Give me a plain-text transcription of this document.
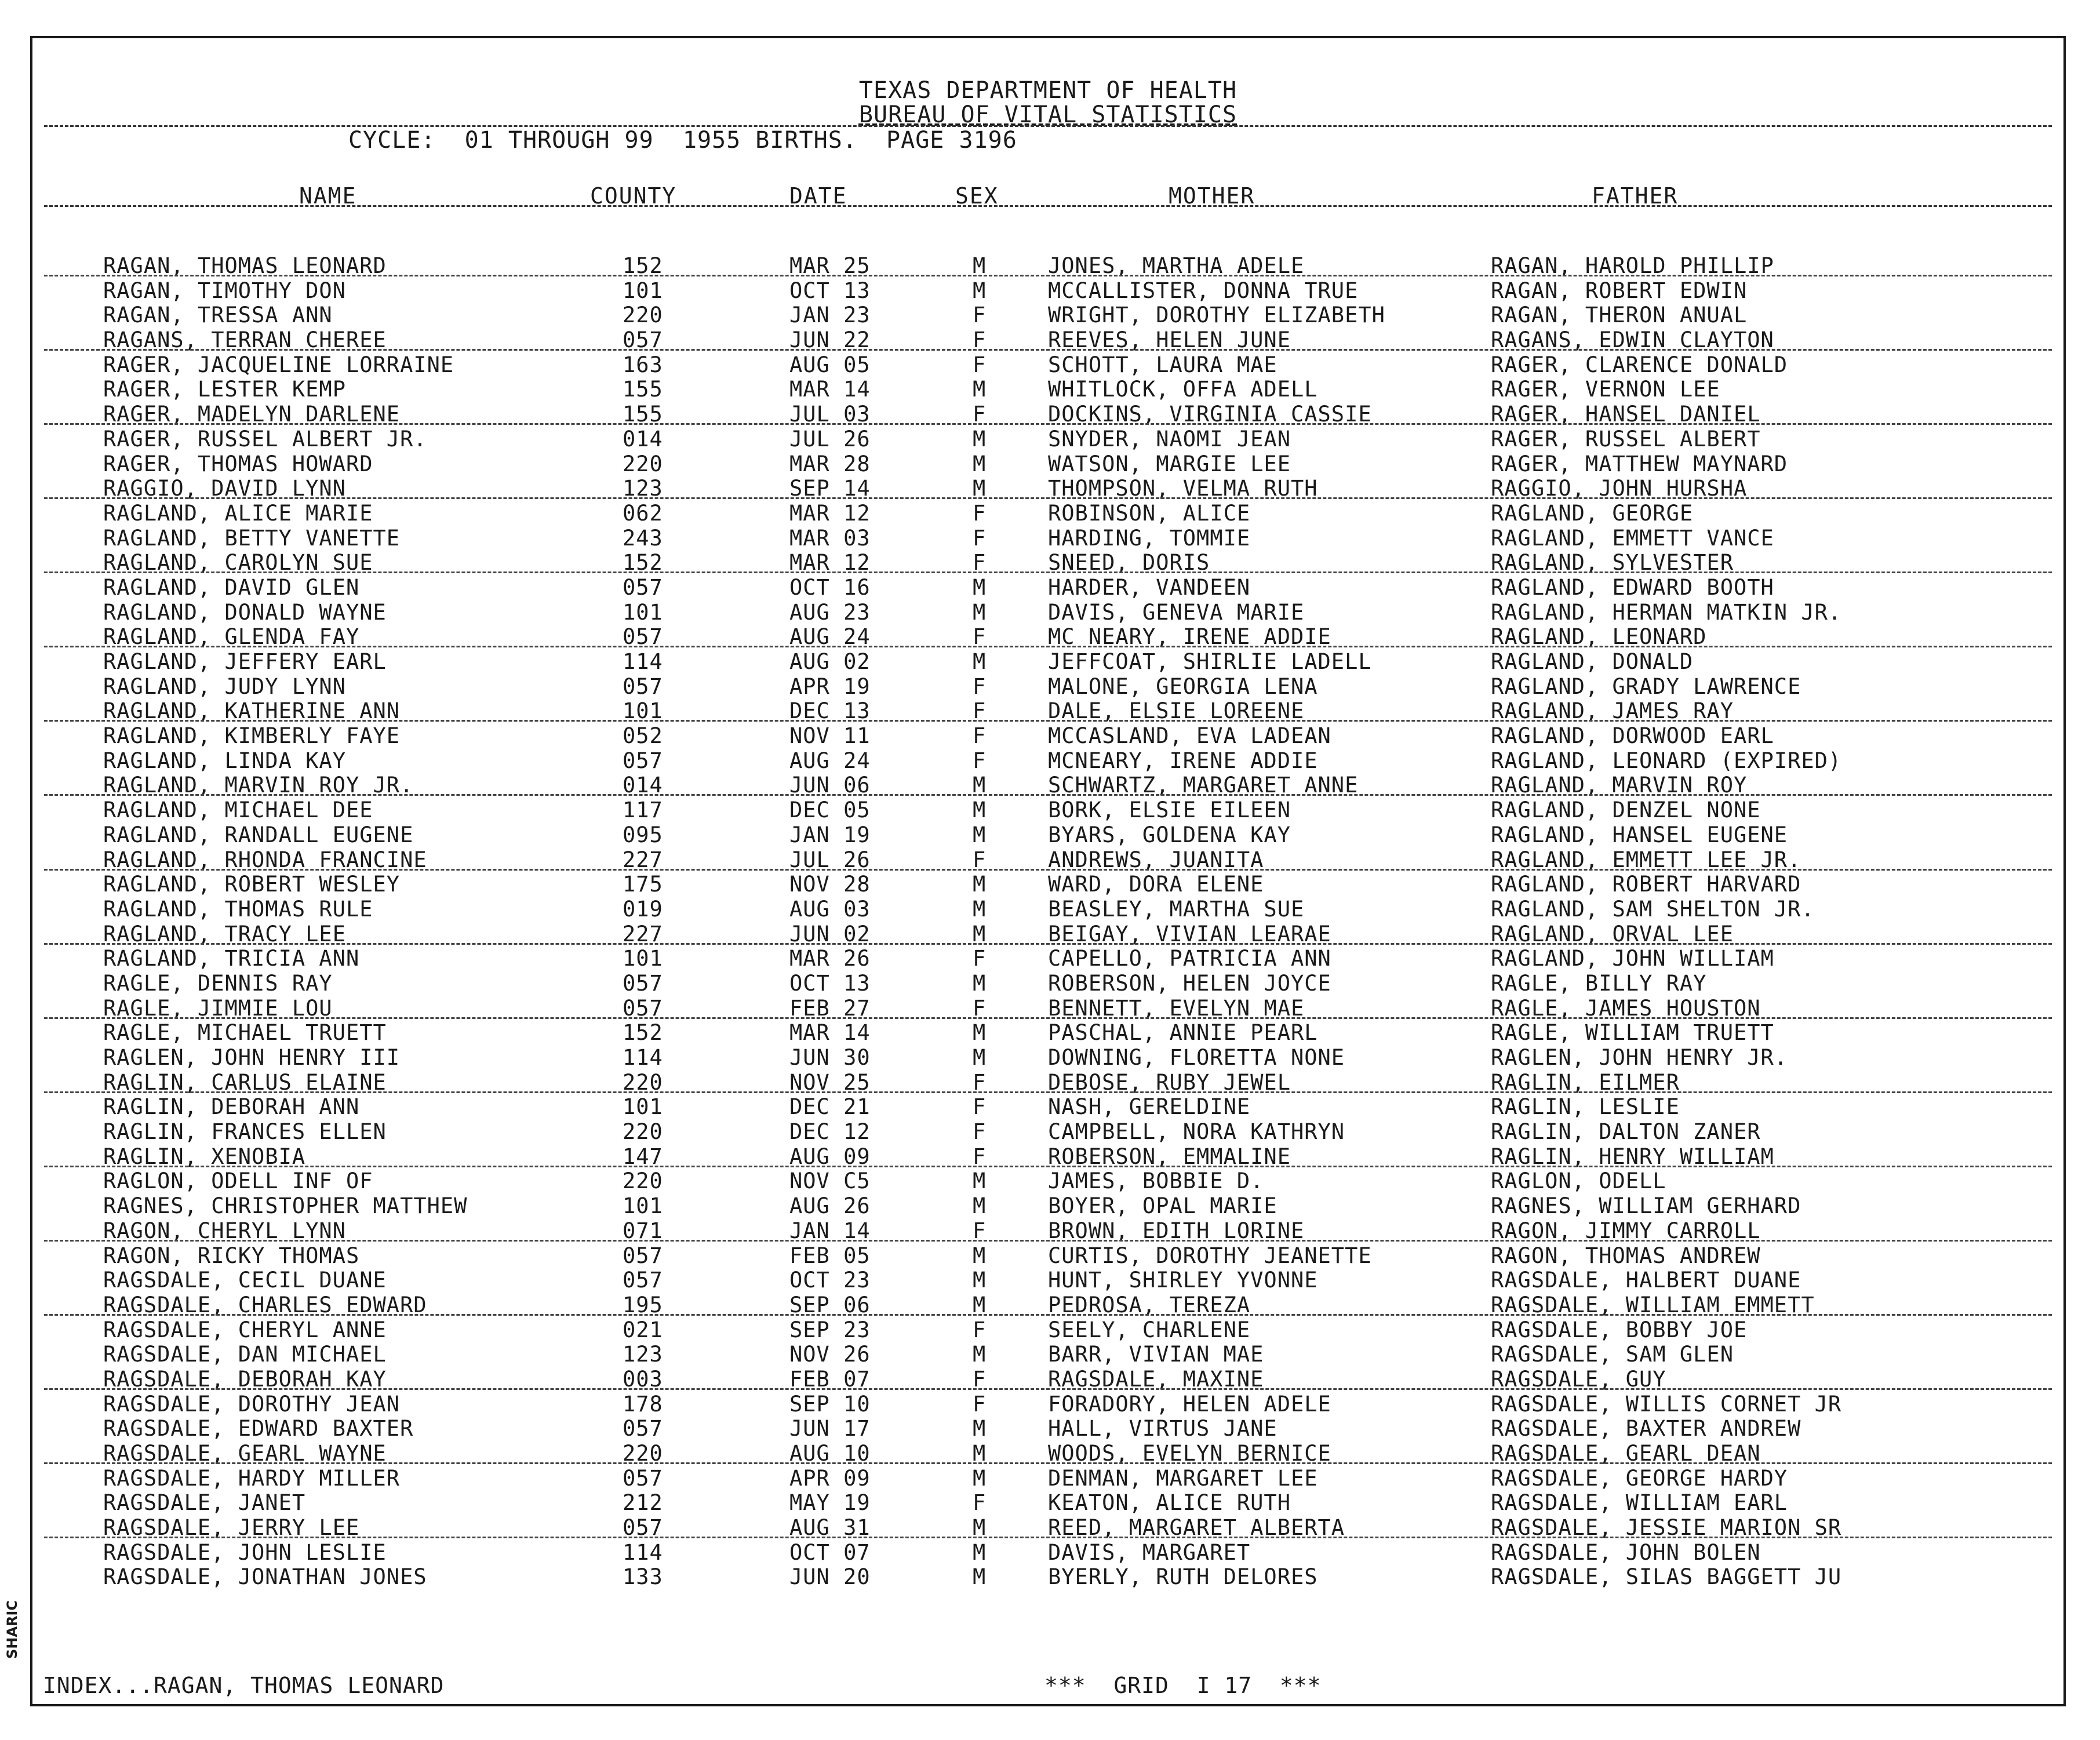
TEXAS DEPARTMENT OF HEALTH
BUREAU OF VITAL STATISTICS
CYCLE:  01 THROUGH 99  1955 BIRTHS.  PAGE 3196
NAME	COUNTY	DATE	SEX	MOTHER	FATHER
RAGAN, THOMAS LEONARD	152	MAR 25	M	JONES, MARTHA ADELE	RAGAN, HAROLD PHILLIP
RAGAN, TIMOTHY DON	101	OCT 13	M	MCCALLISTER, DONNA TRUE	RAGAN, ROBERT EDWIN
RAGAN, TRESSA ANN	220	JAN 23	F	WRIGHT, DOROTHY ELIZABETH	RAGAN, THERON ANUAL
RAGANS, TERRAN CHEREE	057	JUN 22	F	REEVES, HELEN JUNE	RAGANS, EDWIN CLAYTON
RAGER, JACQUELINE LORRAINE	163	AUG 05	F	SCHOTT, LAURA MAE	RAGER, CLARENCE DONALD
RAGER, LESTER KEMP	155	MAR 14	M	WHITLOCK, OFFA ADELL	RAGER, VERNON LEE
RAGER, MADELYN DARLENE	155	JUL 03	F	DOCKINS, VIRGINIA CASSIE	RAGER, HANSEL DANIEL
RAGER, RUSSEL ALBERT JR.	014	JUL 26	M	SNYDER, NAOMI JEAN	RAGER, RUSSEL ALBERT
RAGER, THOMAS HOWARD	220	MAR 28	M	WATSON, MARGIE LEE	RAGER, MATTHEW MAYNARD
RAGGIO, DAVID LYNN	123	SEP 14	M	THOMPSON, VELMA RUTH	RAGGIO, JOHN HURSHA
RAGLAND, ALICE MARIE	062	MAR 12	F	ROBINSON, ALICE	RAGLAND, GEORGE
RAGLAND, BETTY VANETTE	243	MAR 03	F	HARDING, TOMMIE	RAGLAND, EMMETT VANCE
RAGLAND, CAROLYN SUE	152	MAR 12	F	SNEED, DORIS	RAGLAND, SYLVESTER
RAGLAND, DAVID GLEN	057	OCT 16	M	HARDER, VANDEEN	RAGLAND, EDWARD BOOTH
RAGLAND, DONALD WAYNE	101	AUG 23	M	DAVIS, GENEVA MARIE	RAGLAND, HERMAN MATKIN JR.
RAGLAND, GLENDA FAY	057	AUG 24	F	MC NEARY, IRENE ADDIE	RAGLAND, LEONARD
RAGLAND, JEFFERY EARL	114	AUG 02	M	JEFFCOAT, SHIRLIE LADELL	RAGLAND, DONALD
RAGLAND, JUDY LYNN	057	APR 19	F	MALONE, GEORGIA LENA	RAGLAND, GRADY LAWRENCE
RAGLAND, KATHERINE ANN	101	DEC 13	F	DALE, ELSIE LOREENE	RAGLAND, JAMES RAY
RAGLAND, KIMBERLY FAYE	052	NOV 11	F	MCCASLAND, EVA LADEAN	RAGLAND, DORWOOD EARL
RAGLAND, LINDA KAY	057	AUG 24	F	MCNEARY, IRENE ADDIE	RAGLAND, LEONARD (EXPIRED)
RAGLAND, MARVIN ROY JR.	014	JUN 06	M	SCHWARTZ, MARGARET ANNE	RAGLAND, MARVIN ROY
RAGLAND, MICHAEL DEE	117	DEC 05	M	BORK, ELSIE EILEEN	RAGLAND, DENZEL NONE
RAGLAND, RANDALL EUGENE	095	JAN 19	M	BYARS, GOLDENA KAY	RAGLAND, HANSEL EUGENE
RAGLAND, RHONDA FRANCINE	227	JUL 26	F	ANDREWS, JUANITA	RAGLAND, EMMETT LEE JR.
RAGLAND, ROBERT WESLEY	175	NOV 28	M	WARD, DORA ELENE	RAGLAND, ROBERT HARVARD
RAGLAND, THOMAS RULE	019	AUG 03	M	BEASLEY, MARTHA SUE	RAGLAND, SAM SHELTON JR.
RAGLAND, TRACY LEE	227	JUN 02	M	BEIGAY, VIVIAN LEARAE	RAGLAND, ORVAL LEE
RAGLAND, TRICIA ANN	101	MAR 26	F	CAPELLO, PATRICIA ANN	RAGLAND, JOHN WILLIAM
RAGLE, DENNIS RAY	057	OCT 13	M	ROBERSON, HELEN JOYCE	RAGLE, BILLY RAY
RAGLE, JIMMIE LOU	057	FEB 27	F	BENNETT, EVELYN MAE	RAGLE, JAMES HOUSTON
RAGLE, MICHAEL TRUETT	152	MAR 14	M	PASCHAL, ANNIE PEARL	RAGLE, WILLIAM TRUETT
RAGLEN, JOHN HENRY III	114	JUN 30	M	DOWNING, FLORETTA NONE	RAGLEN, JOHN HENRY JR.
RAGLIN, CARLUS ELAINE	220	NOV 25	F	DEBOSE, RUBY JEWEL	RAGLIN, EILMER
RAGLIN, DEBORAH ANN	101	DEC 21	F	NASH, GERELDINE	RAGLIN, LESLIE
RAGLIN, FRANCES ELLEN	220	DEC 12	F	CAMPBELL, NORA KATHRYN	RAGLIN, DALTON ZANER
RAGLIN, XENOBIA	147	AUG 09	F	ROBERSON, EMMALINE	RAGLIN, HENRY WILLIAM
RAGLON, ODELL INF OF	220	NOV C5	M	JAMES, BOBBIE D.	RAGLON, ODELL
RAGNES, CHRISTOPHER MATTHEW	101	AUG 26	M	BOYER, OPAL MARIE	RAGNES, WILLIAM GERHARD
RAGON, CHERYL LYNN	071	JAN 14	F	BROWN, EDITH LORINE	RAGON, JIMMY CARROLL
RAGON, RICKY THOMAS	057	FEB 05	M	CURTIS, DOROTHY JEANETTE	RAGON, THOMAS ANDREW
RAGSDALE, CECIL DUANE	057	OCT 23	M	HUNT, SHIRLEY YVONNE	RAGSDALE, HALBERT DUANE
RAGSDALE, CHARLES EDWARD	195	SEP 06	M	PEDROSA, TEREZA	RAGSDALE, WILLIAM EMMETT
RAGSDALE, CHERYL ANNE	021	SEP 23	F	SEELY, CHARLENE	RAGSDALE, BOBBY JOE
RAGSDALE, DAN MICHAEL	123	NOV 26	M	BARR, VIVIAN MAE	RAGSDALE, SAM GLEN
RAGSDALE, DEBORAH KAY	003	FEB 07	F	RAGSDALE, MAXINE	RAGSDALE, GUY
RAGSDALE, DOROTHY JEAN	178	SEP 10	F	FORADORY, HELEN ADELE	RAGSDALE, WILLIS CORNET JR
RAGSDALE, EDWARD BAXTER	057	JUN 17	M	HALL, VIRTUS JANE	RAGSDALE, BAXTER ANDREW
RAGSDALE, GEARL WAYNE	220	AUG 10	M	WOODS, EVELYN BERNICE	RAGSDALE, GEARL DEAN
RAGSDALE, HARDY MILLER	057	APR 09	M	DENMAN, MARGARET LEE	RAGSDALE, GEORGE HARDY
RAGSDALE, JANET	212	MAY 19	F	KEATON, ALICE RUTH	RAGSDALE, WILLIAM EARL
RAGSDALE, JERRY LEE	057	AUG 31	M	REED, MARGARET ALBERTA	RAGSDALE, JESSIE MARION SR
RAGSDALE, JOHN LESLIE	114	OCT 07	M	DAVIS, MARGARET	RAGSDALE, JOHN BOLEN
RAGSDALE, JONATHAN JONES	133	JUN 20	M	BYERLY, RUTH DELORES	RAGSDALE, SILAS BAGGETT JU
INDEX...RAGAN, THOMAS LEONARD	***  GRID  I 17  ***
SHARIC
